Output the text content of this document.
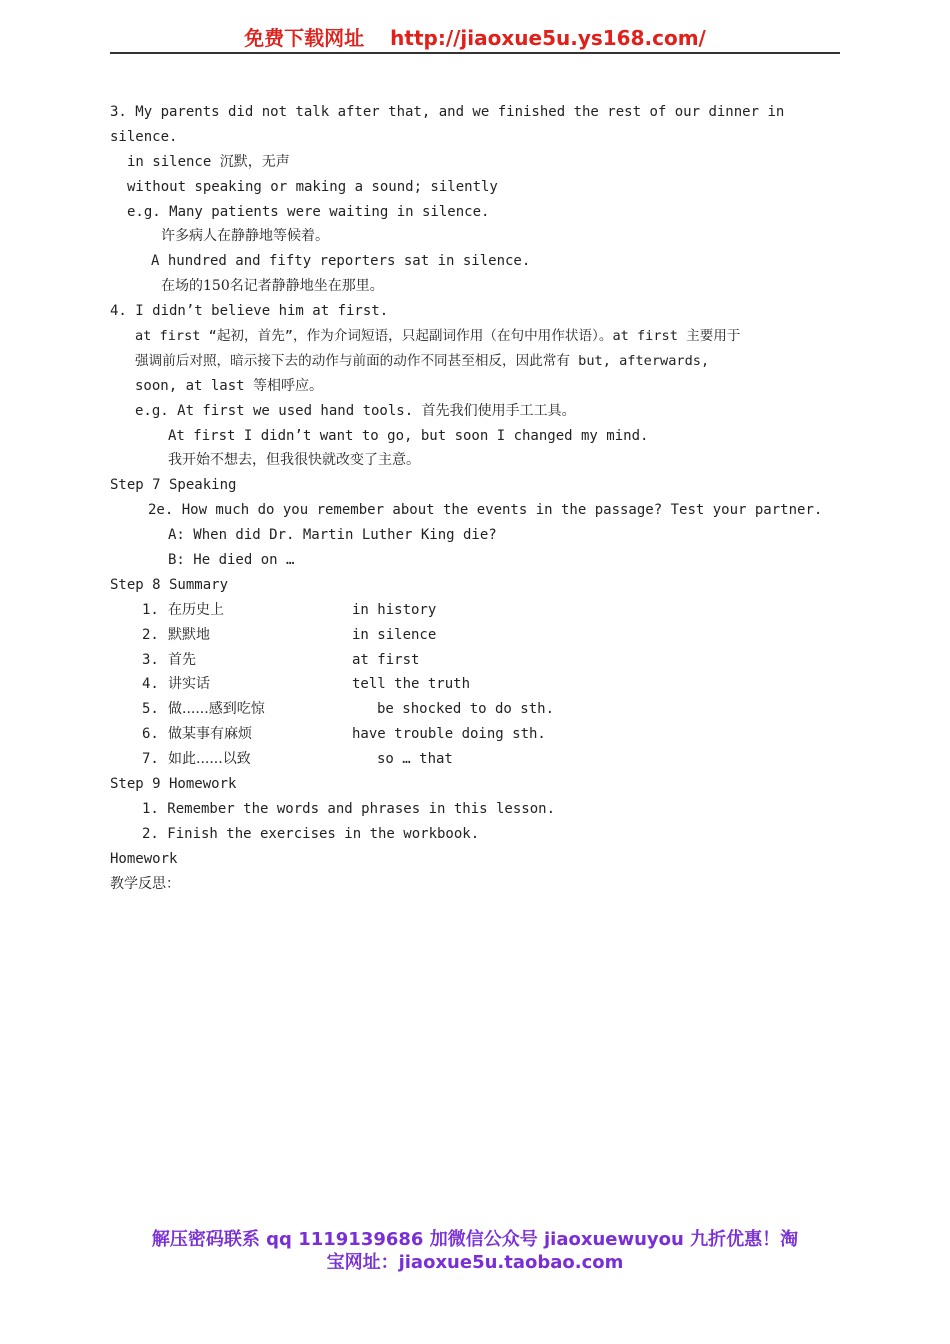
免费下载网址 http://jiaoxue5u.ys168.com/
3. My parents did not talk after that, and we finished the rest of our dinner in
silence.
in silence 沉默，无声
without speaking or making a sound; silently
e.g. Many patients were waiting in silence.
许多病人在静静地等候着。
A hundred and fifty reporters sat in silence.
在场的150名记者静静地坐在那里。
4. I didn’t believe him at first.
at first “起初，首先”，作为介词短语，只起副词作用（在句中用作状语）。at first 主要用于
强调前后对照，暗示接下去的动作与前面的动作不同甚至相反，因此常有 but, afterwards,
soon, at last 等相呼应。
e.g. At first we used hand tools. 首先我们使用手工工具。
At first I didn’t want to go, but soon I changed my mind.
我开始不想去，但我很快就改变了主意。
Step 7 Speaking
2e. How much do you remember about the events in the passage? Test your partner.
A: When did Dr. Martin Luther King die?
B: He died on …
Step 8 Summary
1. 在历史上	in history
2. 默默地	in silence
3. 首先	at first
4. 讲实话	tell the truth
5. 做......感到吃惊	be shocked to do sth.
6. 做某事有麻烦	have trouble doing sth.
7. 如此......以致	so … that
Step 9 Homework
1. Remember the words and phrases in this lesson.
2. Finish the exercises in the workbook.
Homework
教学反思：
解压密码联系 qq 1119139686 加微信公众号 jiaoxuewuyou 九折优惠！淘
宝网址：jiaoxue5u.taobao.com
